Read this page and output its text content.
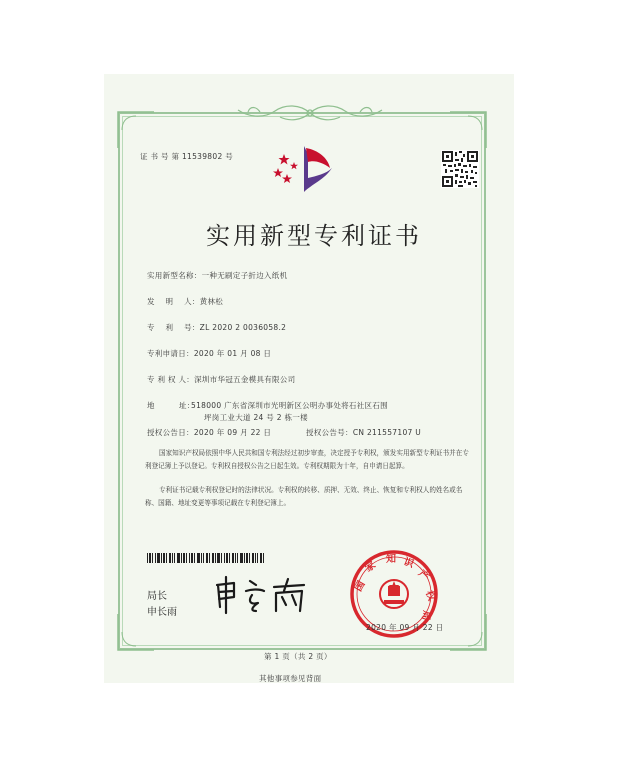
证 书 号 第 11539802 号
实用新型专利证书
实用新型名称：一种无刷定子折边入纸机
发    明    人：黄林松
专    利    号：ZL 2020 2 0036058.2
专利申请日：2020 年 01 月 08 日
专 利 权 人：深圳市华冠五金模具有限公司
地         址：
518000 广东省深圳市光明新区公明办事处将石社区石围
坪岗工业大道 24 号 2 栋一楼
授权公告日：2020 年 09 月 22 日	授权公告号：CN 211557107 U
国家知识产权局依照中华人民共和国专利法经过初步审查，决定授予专利权，颁发实用新型专利证书并在专利登记簿上予以登记。专利权自授权公告之日起生效。专利权期限为十年，自申请日起算。
专利证书记载专利权登记时的法律状况。专利权的转移、质押、无效、终止、恢复和专利权人的姓名或名称、国籍、地址变更等事项记载在专利登记簿上。
局长
申长雨
国
家
知 识
产
权
局
2020 年 09 月 22 日
第 1 页（共 2 页）
其他事项参见背面
